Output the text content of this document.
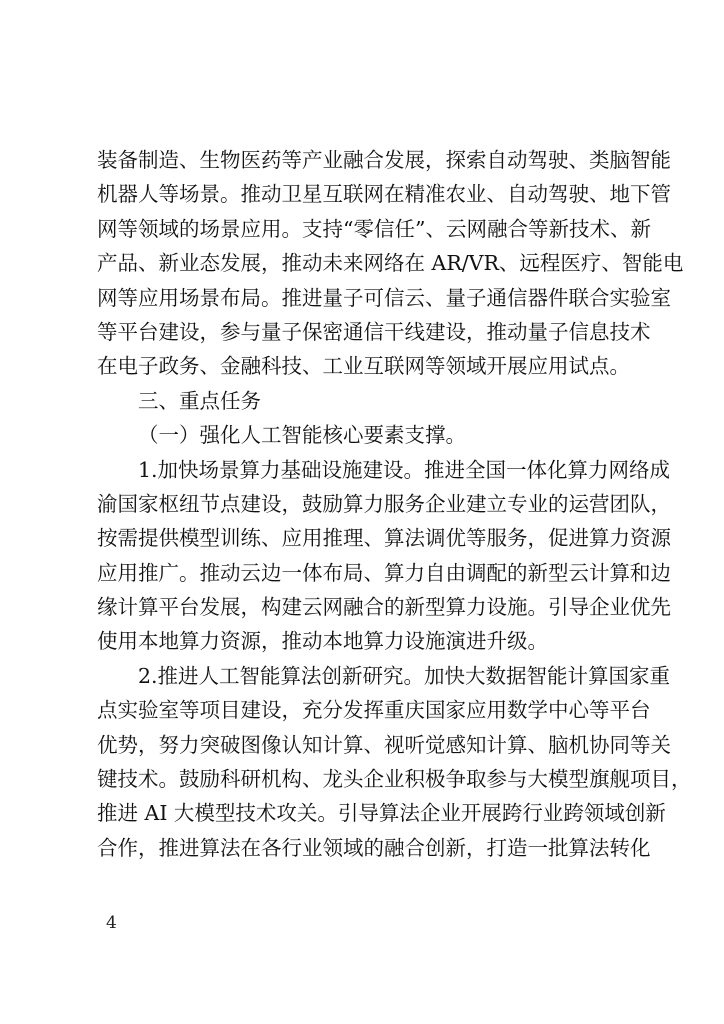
装备制造、生物医药等产业融合发展，探索自动驾驶、类脑智能
机器人等场景。推动卫星互联网在精准农业、自动驾驶、地下管
网等领域的场景应用。支持“零信任”、云网融合等新技术、新
产品、新业态发展，推动未来网络在 AR/VR、远程医疗、智能电
网等应用场景布局。推进量子可信云、量子通信器件联合实验室
等平台建设，参与量子保密通信干线建设，推动量子信息技术
在电子政务、金融科技、工业互联网等领域开展应用试点。
三、重点任务
（一）强化人工智能核心要素支撑。
1.加快场景算力基础设施建设。推进全国一体化算力网络成
渝国家枢纽节点建设，鼓励算力服务企业建立专业的运营团队，
按需提供模型训练、应用推理、算法调优等服务，促进算力资源
应用推广。推动云边一体布局、算力自由调配的新型云计算和边
缘计算平台发展，构建云网融合的新型算力设施。引导企业优先
使用本地算力资源，推动本地算力设施演进升级。
2.推进人工智能算法创新研究。加快大数据智能计算国家重
点实验室等项目建设，充分发挥重庆国家应用数学中心等平台
优势，努力突破图像认知计算、视听觉感知计算、脑机协同等关
键技术。鼓励科研机构、龙头企业积极争取参与大模型旗舰项目，
推进 AI 大模型技术攻关。引导算法企业开展跨行业跨领域创新
合作，推进算法在各行业领域的融合创新，打造一批算法转化
4
